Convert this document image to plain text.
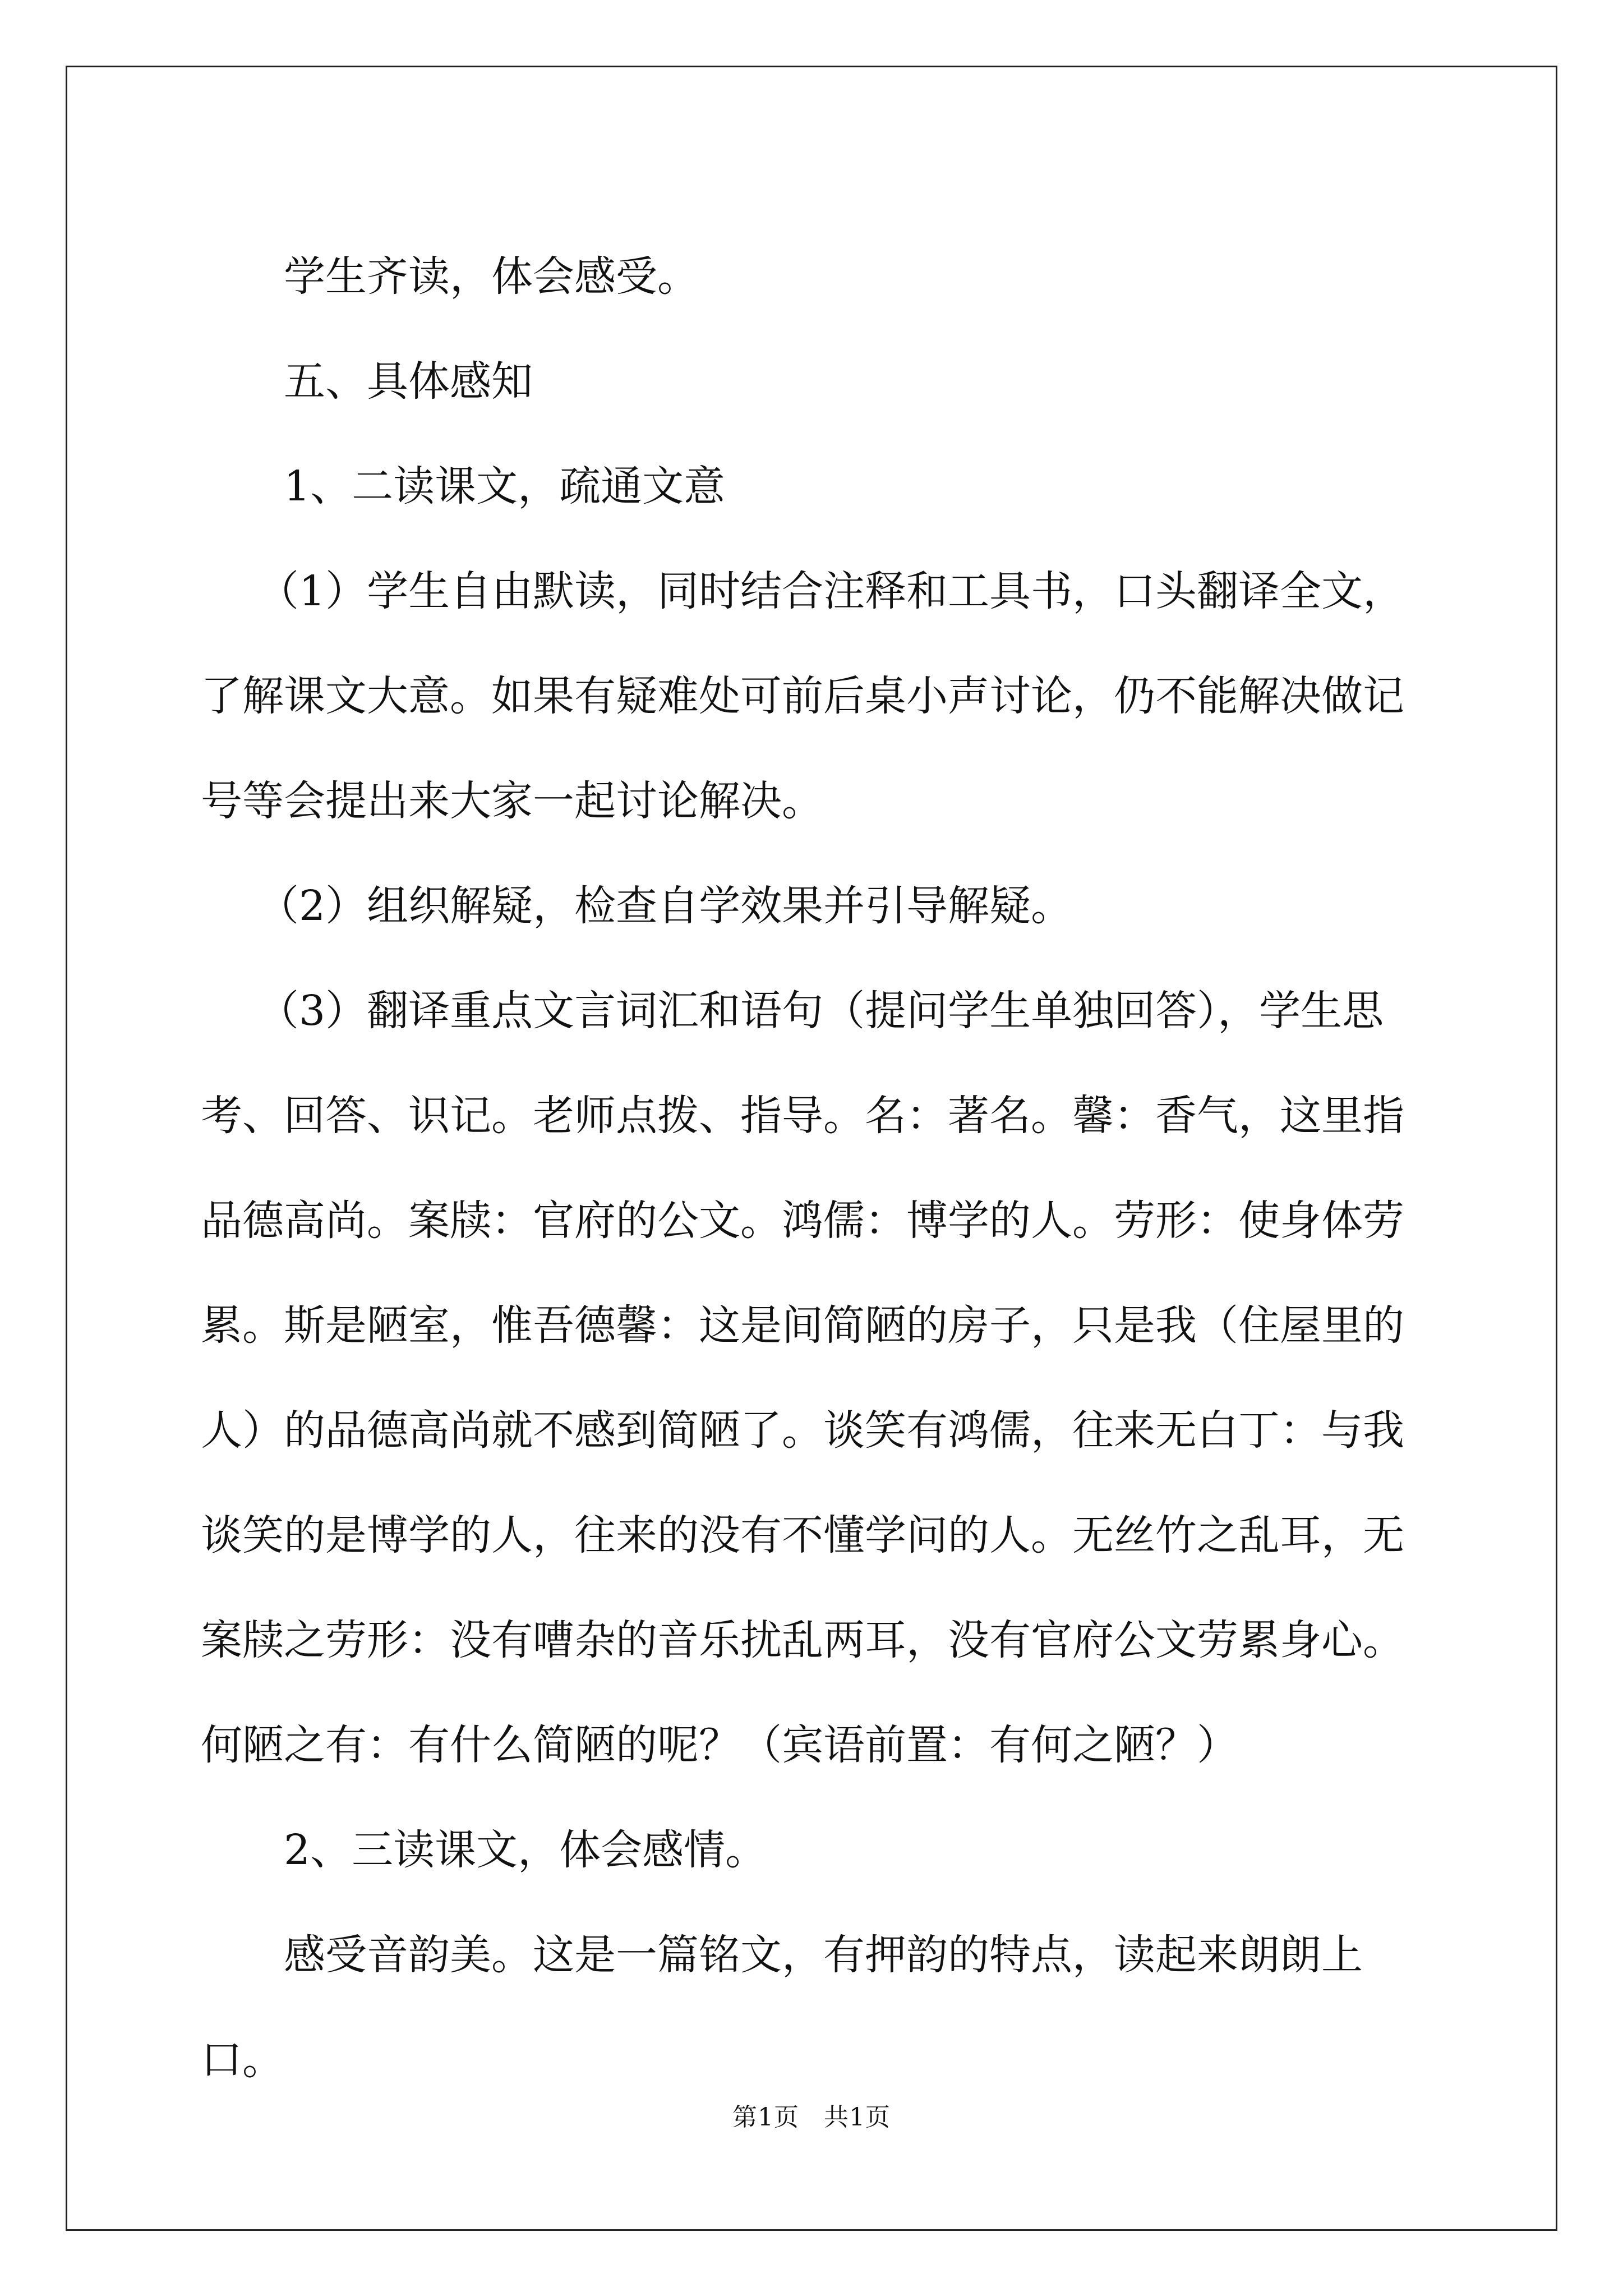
学生齐读，体会感受。

五、具体感知

1、二读课文，疏通文意

（1）学生自由默读，同时结合注释和工具书，口头翻译全文，了解课文大意。如果有疑难处可前后桌小声讨论，仍不能解决做记号等会提出来大家一起讨论解决。

（2）组织解疑，检查自学效果并引导解疑。

（3）翻译重点文言词汇和语句（提问学生单独回答），学生思考、回答、识记。老师点拨、指导。名：著名。馨：香气，这里指品德高尚。案牍：官府的公文。鸿儒：博学的人。劳形：使身体劳累。斯是陋室，惟吾德馨：这是间简陋的房子，只是我（住屋里的人）的品德高尚就不感到简陋了。谈笑有鸿儒，往来无白丁：与我谈笑的是博学的人，往来的没有不懂学问的人。无丝竹之乱耳，无案牍之劳形：没有嘈杂的音乐扰乱两耳，没有官府公文劳累身心。何陋之有：有什么简陋的呢？（宾语前置：有何之陋？）

2、三读课文，体会感情。

感受音韵美。这是一篇铭文，有押韵的特点，读起来朗朗上口。

第1页 共1页
